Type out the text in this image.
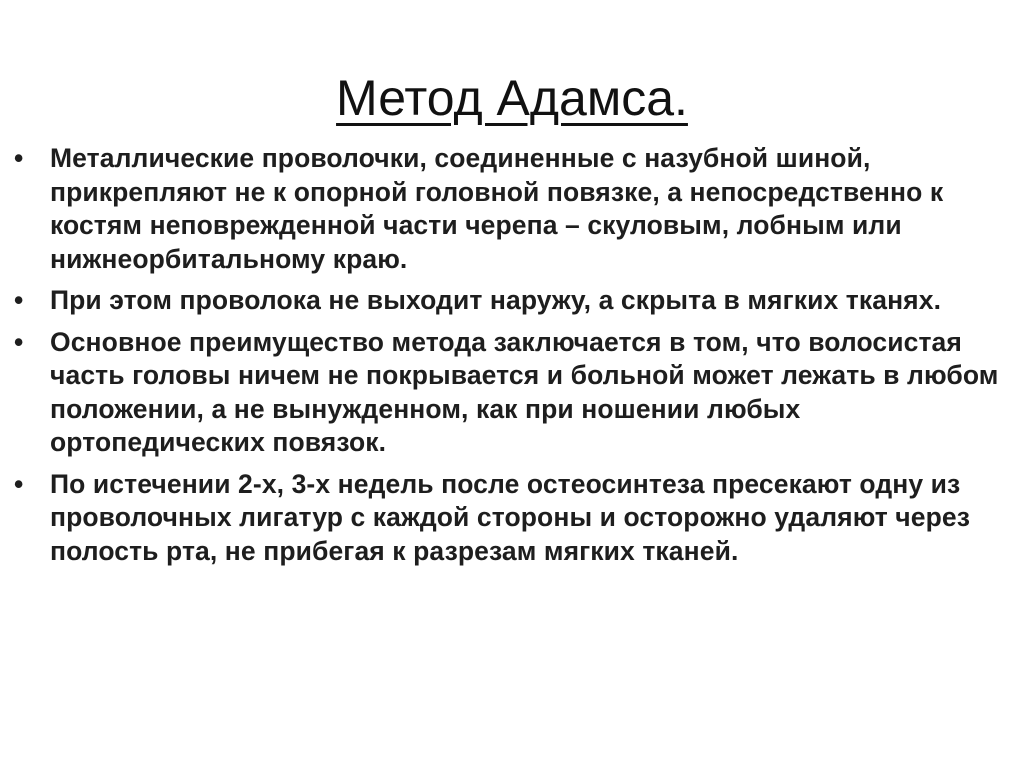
Метод Адамса.
• Металлические проволочки, соединенные с назубной шиной, прикрепляют не к опорной головной повязке, а непосредственно к костям неповрежденной части черепа – скуловым, лобным или нижнеорбитальному краю.
• При этом проволока не выходит наружу, а скрыта в мягких тканях.
• Основное преимущество метода заключается в том, что волосистая часть головы ничем не покрывается и больной может лежать в любом положении, а не вынужденном, как при ношении любых ортопедических повязок.
• По истечении 2-х, 3-х недель после остеосинтеза пресекают одну из проволочных лигатур с каждой стороны и осторожно удаляют через полость рта, не прибегая к разрезам мягких тканей.
